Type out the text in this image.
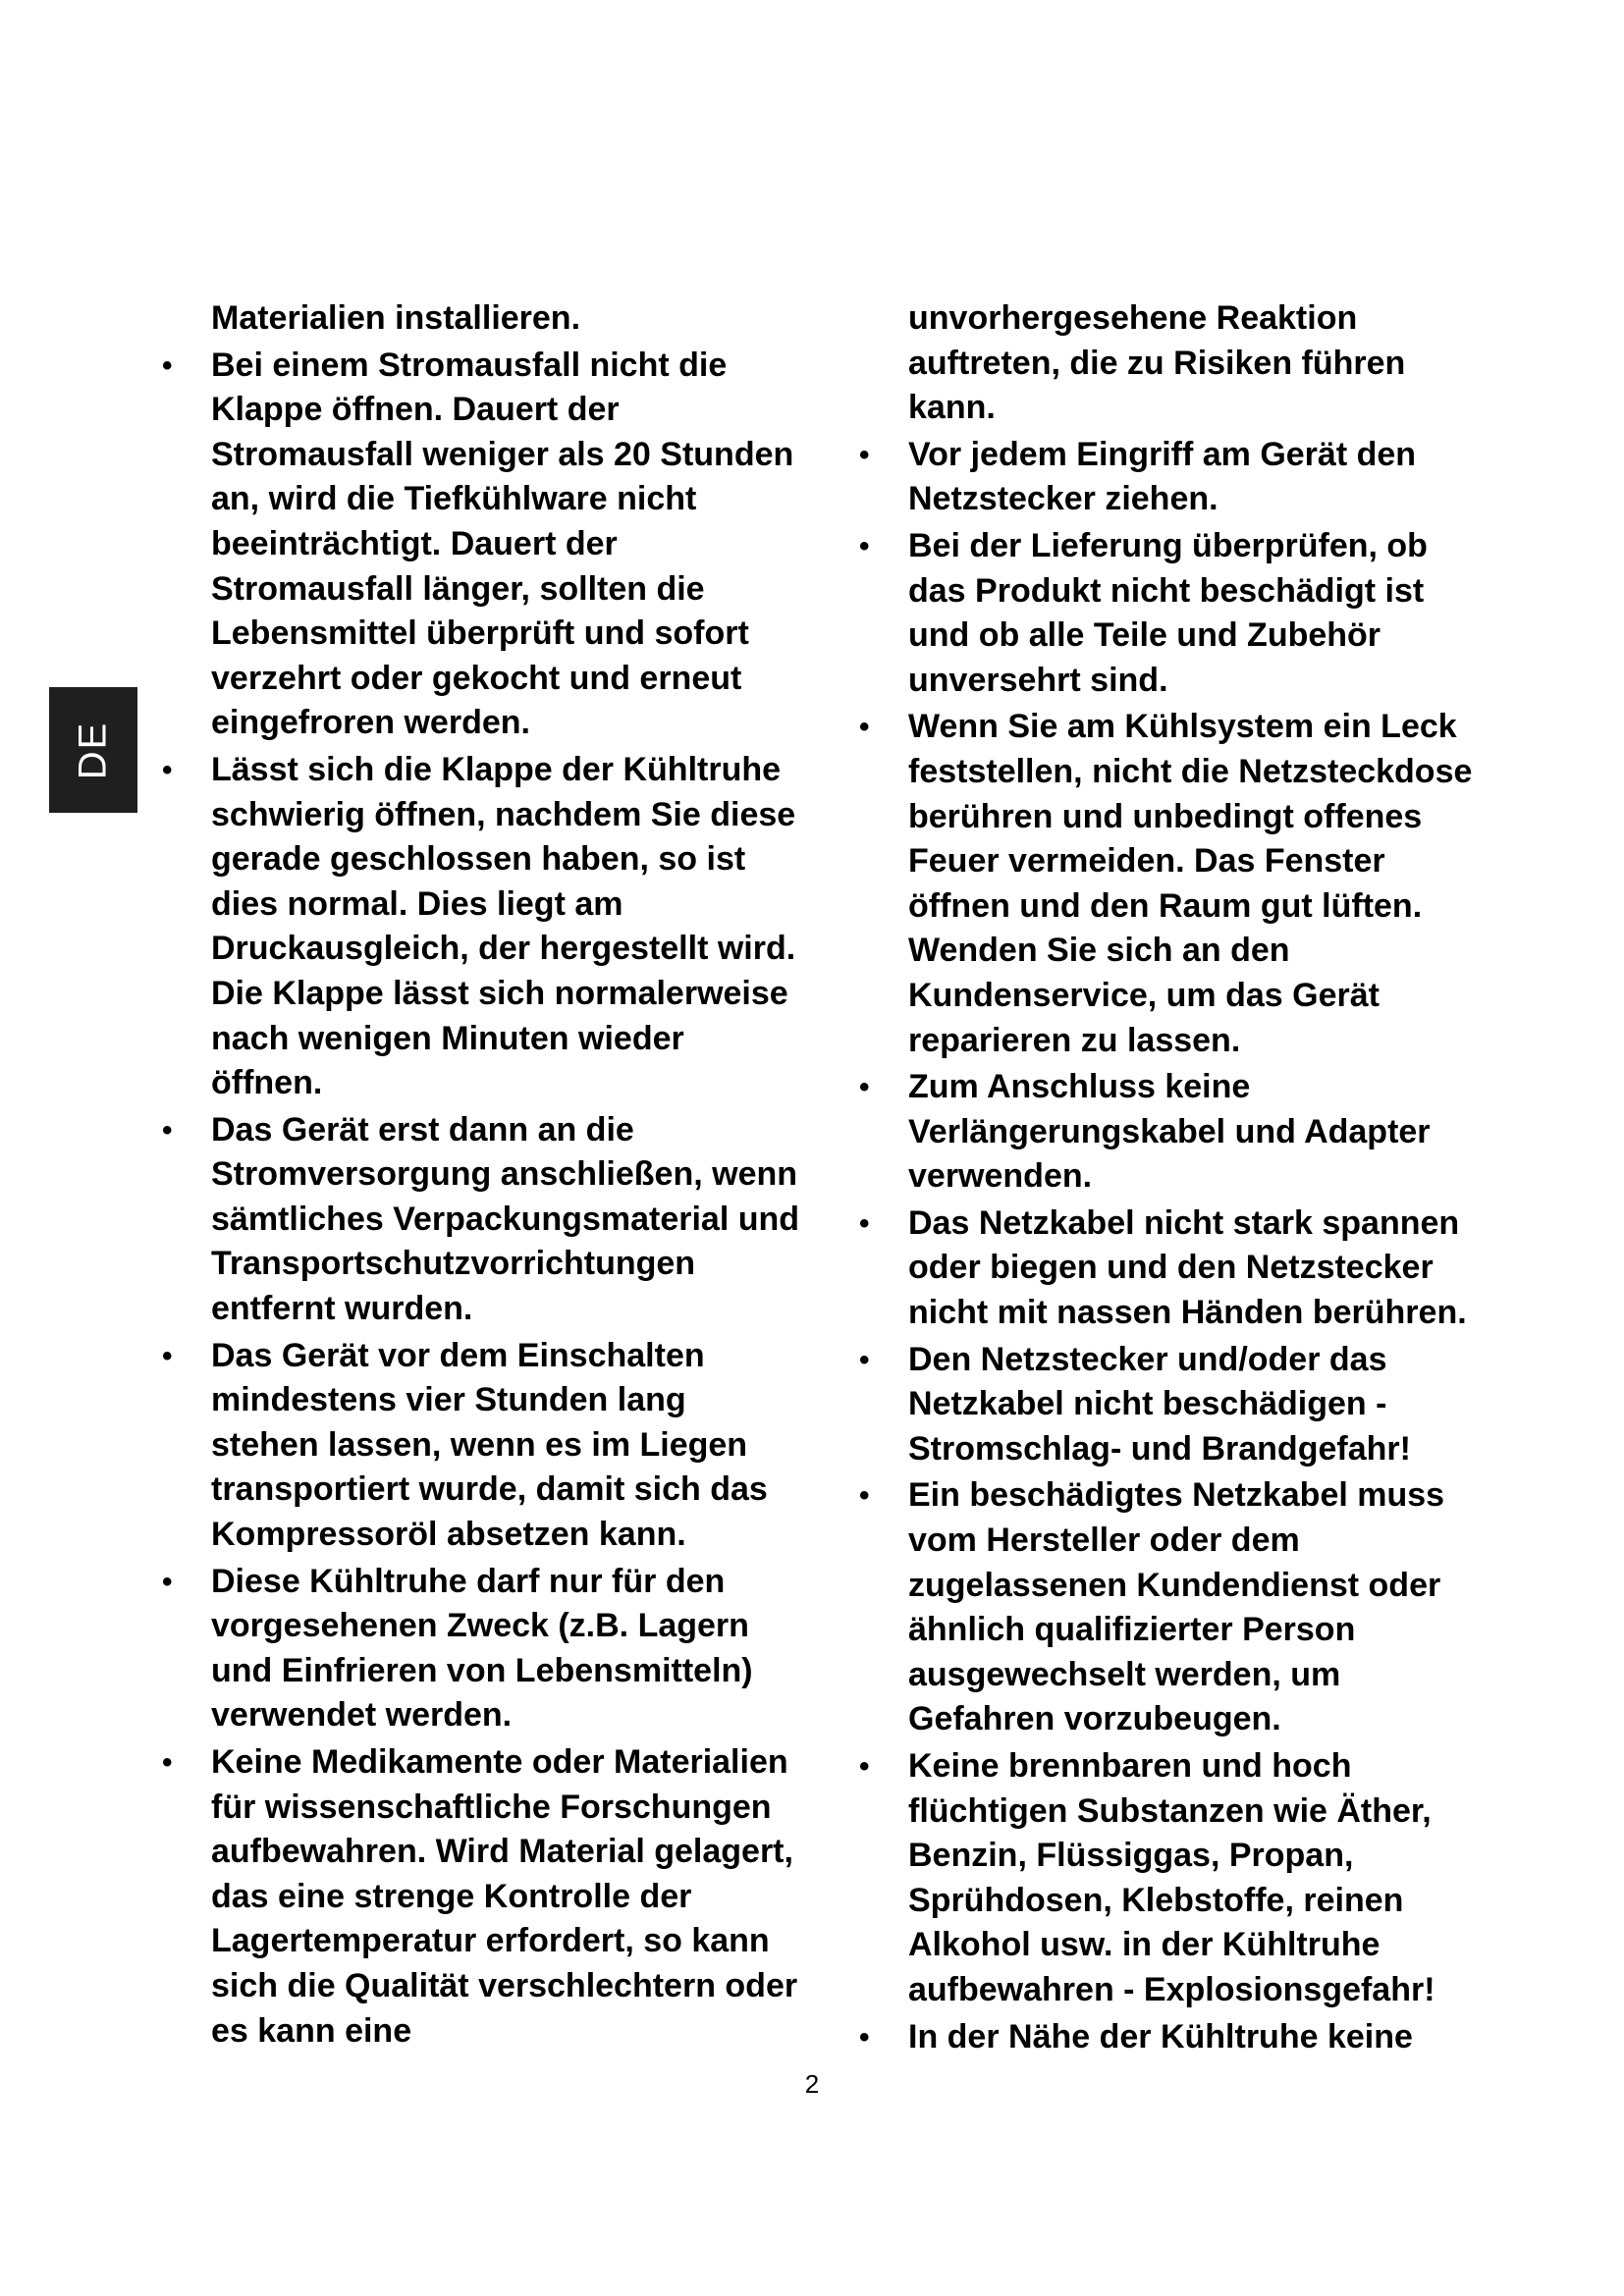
DE
Materialien installieren.
• Bei einem Stromausfall nicht die Klappe öffnen. Dauert der Stromausfall weniger als 20 Stunden an, wird die Tiefkühlware nicht beeinträchtigt. Dauert der Stromausfall länger, sollten die Lebensmittel überprüft und sofort verzehrt oder gekocht und erneut eingefroren werden.
• Lässt sich die Klappe der Kühltruhe schwierig öffnen, nachdem Sie diese gerade geschlossen haben, so ist dies normal. Dies liegt am Druckausgleich, der hergestellt wird. Die Klappe lässt sich normalerweise nach wenigen Minuten wieder öffnen.
• Das Gerät erst dann an die Stromversorgung anschließen, wenn sämtliches Verpackungsmaterial und Transportschutzvorrichtungen entfernt wurden.
• Das Gerät vor dem Einschalten mindestens vier Stunden lang stehen lassen, wenn es im Liegen transportiert wurde, damit sich das Kompressoröl absetzen kann.
• Diese Kühltruhe darf nur für den vorgesehenen Zweck (z.B. Lagern und Einfrieren von Lebensmitteln) verwendet werden.
• Keine Medikamente oder Materialien für wissenschaftliche Forschungen aufbewahren. Wird Material gelagert, das eine strenge Kontrolle der Lagertemperatur erfordert, so kann sich die Qualität verschlechtern oder es kann eine
unvorhergesehene Reaktion auftreten, die zu Risiken führen kann.
• Vor jedem Eingriff am Gerät den Netzstecker ziehen.
• Bei der Lieferung überprüfen, ob das Produkt nicht beschädigt ist und ob alle Teile und Zubehör unversehrt sind.
• Wenn Sie am Kühlsystem ein Leck feststellen, nicht die Netzsteckdose berühren und unbedingt offenes Feuer vermeiden. Das Fenster öffnen und den Raum gut lüften. Wenden Sie sich an den Kundenservice, um das Gerät reparieren zu lassen.
• Zum Anschluss keine Verlängerungskabel und Adapter verwenden.
• Das Netzkabel nicht stark spannen oder biegen und den Netzstecker nicht mit nassen Händen berühren.
• Den Netzstecker und/oder das Netzkabel nicht beschädigen - Stromschlag- und Brandgefahr!
• Ein beschädigtes Netzkabel muss vom Hersteller oder dem zugelassenen Kundendienst oder ähnlich qualifizierter Person ausgewechselt werden, um Gefahren vorzubeugen.
• Keine brennbaren und hoch flüchtigen Substanzen wie Äther, Benzin, Flüssiggas, Propan, Sprühdosen, Klebstoffe, reinen Alkohol usw. in der Kühltruhe aufbewahren - Explosionsgefahr!
• In der Nähe der Kühltruhe keine
2
